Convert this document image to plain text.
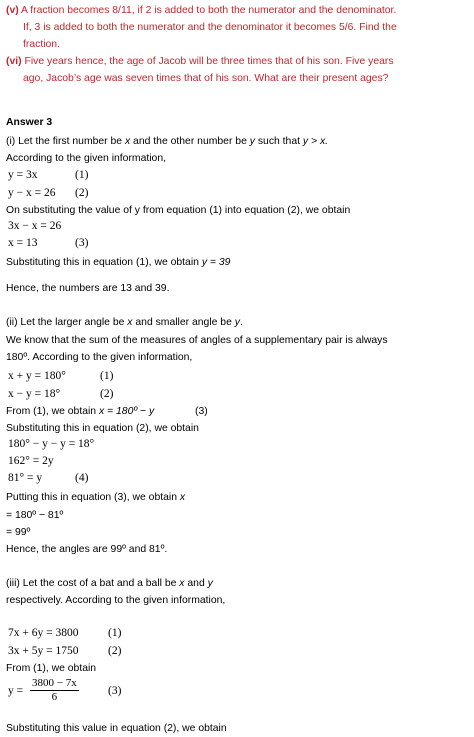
(v) A fraction becomes 8/11, if 2 is added to both the numerator and the denominator.
If, 3 is added to both the numerator and the denominator it becomes 5/6. Find the
fraction.
(vi) Five years hence, the age of Jacob will be three times that of his son. Five years
ago, Jacob’s age was seven times that of his son. What are their present ages?
Answer 3
(i) Let the first number be x and the other number be y such that y > x.
According to the given information,
y = 3x	(1)
y − x = 26 (2)
On substituting the value of y from equation (1) into equation (2), we obtain
3x − x = 26
x = 13	(3)
Substituting this in equation (1), we obtain y = 39
Hence, the numbers are 13 and 39.
(ii) Let the larger angle be x and smaller angle be y.
We know that the sum of the measures of angles of a supplementary pair is always
180º. According to the given information,
x + y = 180°	(1)
x − y = 18°	(2)
From (1), we obtain x = 180º − y	(3)
Substituting this in equation (2), we obtain
180° − y − y = 18°
162° = 2y
81° = y	(4)
Putting this in equation (3), we obtain x
= 180º − 81º
= 99º
Hence, the angles are 99º and 81º.
(iii) Let the cost of a bat and a ball be x and y
respectively. According to the given information,
7x + 6y = 3800	(1)
3x + 5y = 1750	(2)
From (1), we obtain
$y = \frac{3800 - 7x}{6}$	(3)
Substituting this value in equation (2), we obtain
